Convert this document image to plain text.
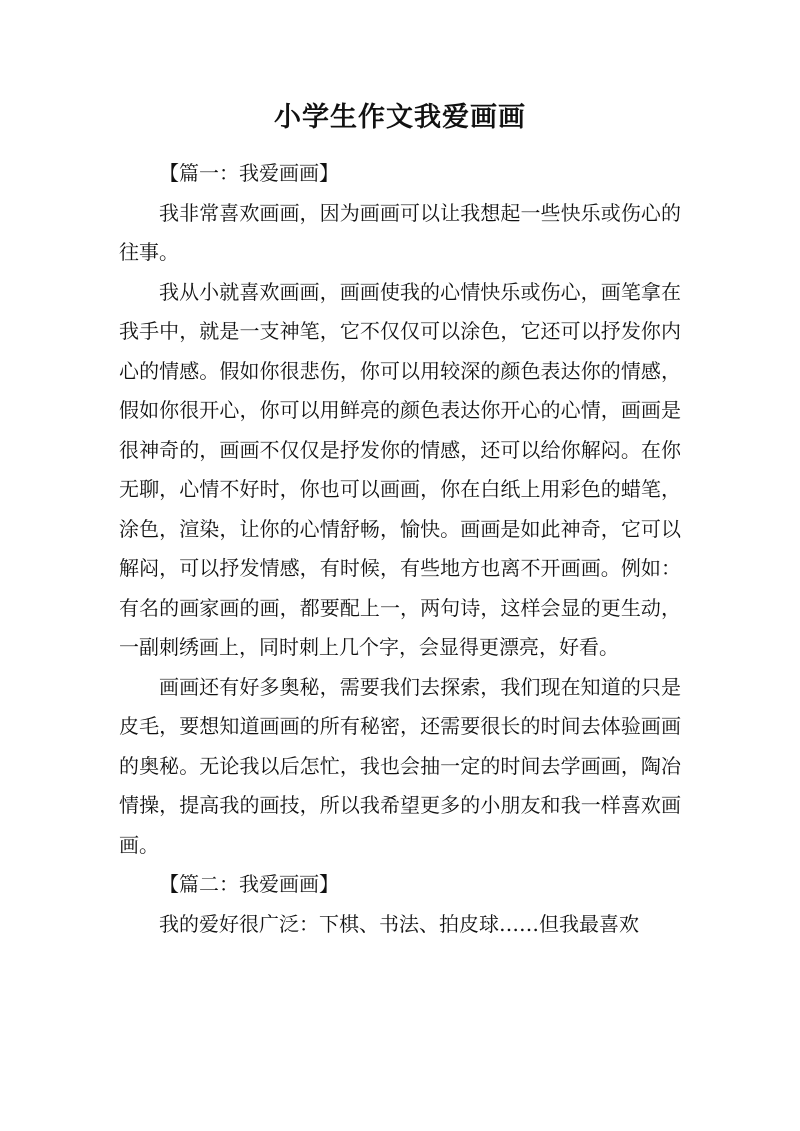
小学生作文我爱画画

【篇一：我爱画画】

我非常喜欢画画，因为画画可以让我想起一些快乐或伤心的往事。

我从小就喜欢画画，画画使我的心情快乐或伤心，画笔拿在我手中，就是一支神笔，它不仅仅可以涂色，它还可以抒发你内心的情感。假如你很悲伤，你可以用较深的颜色表达你的情感，假如你很开心，你可以用鲜亮的颜色表达你开心的心情，画画是很神奇的，画画不仅仅是抒发你的情感，还可以给你解闷。在你无聊，心情不好时，你也可以画画，你在白纸上用彩色的蜡笔，涂色，渲染，让你的心情舒畅，愉快。画画是如此神奇，它可以解闷，可以抒发情感，有时候，有些地方也离不开画画。例如：有名的画家画的画，都要配上一，两句诗，这样会显的更生动，一副刺绣画上，同时刺上几个字，会显得更漂亮，好看。

画画还有好多奥秘，需要我们去探索，我们现在知道的只是皮毛，要想知道画画的所有秘密，还需要很长的时间去体验画画的奥秘。无论我以后怎忙，我也会抽一定的时间去学画画，陶冶情操，提高我的画技，所以我希望更多的小朋友和我一样喜欢画画。

【篇二：我爱画画】

我的爱好很广泛：下棋、书法、拍皮球……但我最喜欢
